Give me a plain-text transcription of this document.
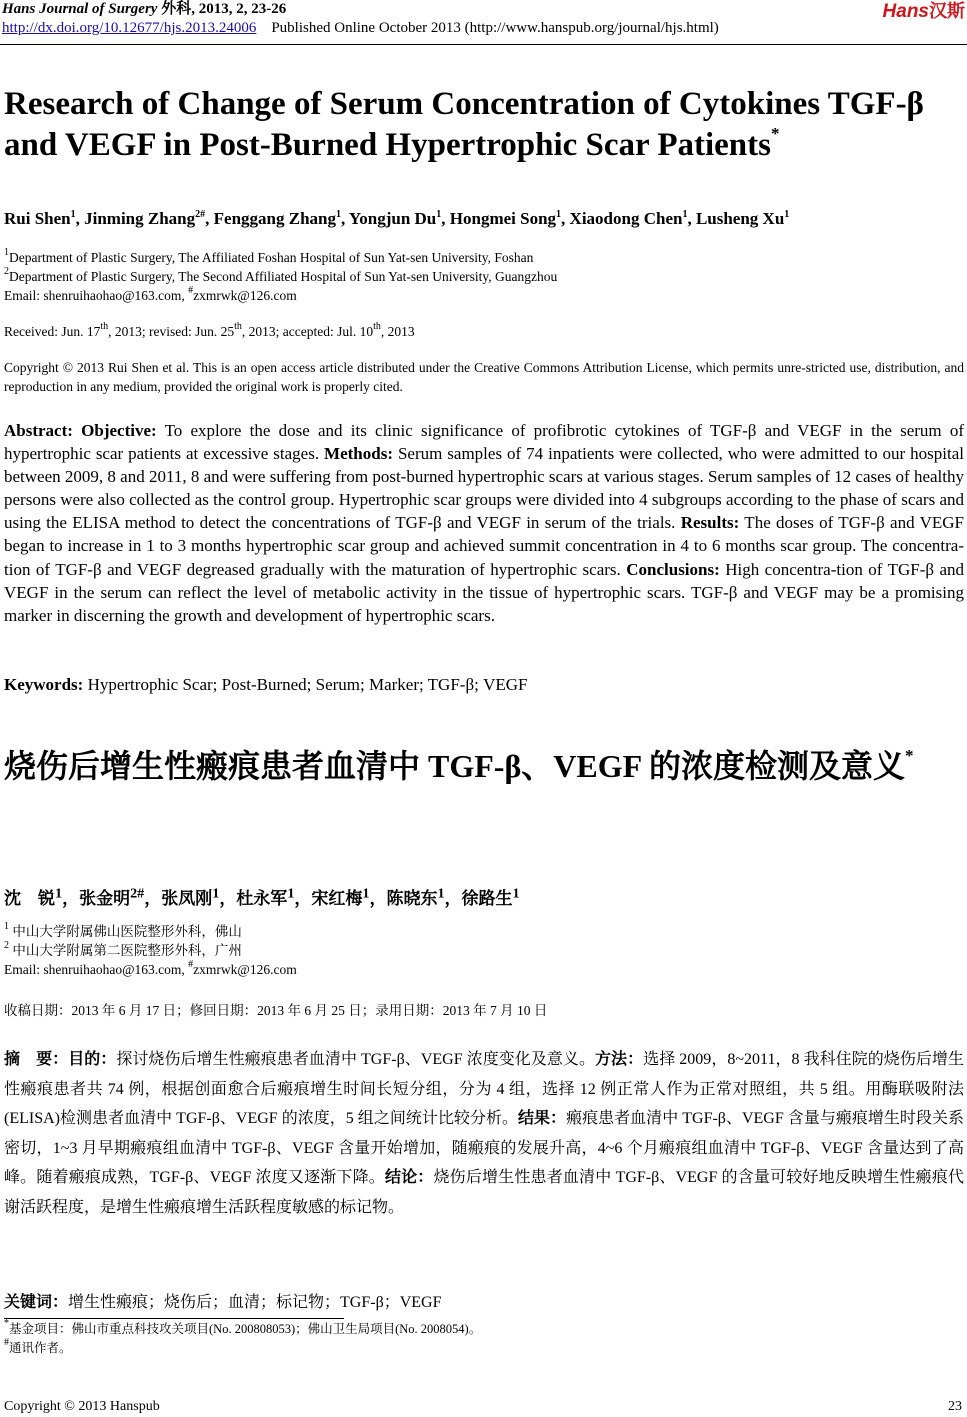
Hans Journal of Surgery 外科, 2013, 2, 23-26
http://dx.doi.org/10.12677/hjs.2013.24006 Published Online October 2013 (http://www.hanspub.org/journal/hjs.html)
Hans汉斯
Research of Change of Serum Concentration of Cytokines TGF-β and VEGF in Post-Burned Hypertrophic Scar Patients*
Rui Shen$^1$, Jinming Zhang$^{2\#}$, Fenggang Zhang$^1$, Yongjun Du$^1$, Hongmei Song$^1$, Xiaodong Chen$^1$, Lusheng Xu$^1$
$^1$Department of Plastic Surgery, The Affiliated Foshan Hospital of Sun Yat-sen University, Foshan
$^2$Department of Plastic Surgery, The Second Affiliated Hospital of Sun Yat-sen University, Guangzhou
Email: shenruihaohao@163.com, #zxmrwk@126.com
Received: Jun. 17th, 2013; revised: Jun. 25th, 2013; accepted: Jul. 10th, 2013
Copyright © 2013 Rui Shen et al. This is an open access article distributed under the Creative Commons Attribution License, which permits unre-stricted use, distribution, and reproduction in any medium, provided the original work is properly cited.
Abstract: Objective: To explore the dose and its clinic significance of profibrotic cytokines of TGF-β and VEGF in the serum of hypertrophic scar patients at excessive stages. Methods: Serum samples of 74 inpatients were collected, who were admitted to our hospital between 2009, 8 and 2011, 8 and were suffering from post-burned hypertrophic scars at various stages. Serum samples of 12 cases of healthy persons were also collected as the control group. Hypertrophic scar groups were divided into 4 subgroups according to the phase of scars and using the ELISA method to detect the concentrations of TGF-β and VEGF in serum of the trials. Results: The doses of TGF-β and VEGF began to increase in 1 to 3 months hypertrophic scar group and achieved summit concentration in 4 to 6 months scar group. The concentra-tion of TGF-β and VEGF degreased gradually with the maturation of hypertrophic scars. Conclusions: High concentra-tion of TGF-β and VEGF in the serum can reflect the level of metabolic activity in the tissue of hypertrophic scars. TGF-β and VEGF may be a promising marker in discerning the growth and development of hypertrophic scars.
Keywords: Hypertrophic Scar; Post-Burned; Serum; Marker; TGF-β; VEGF
烧伤后增生性瘢痕患者血清中 TGF-β、VEGF 的浓度检测及意义*
沈　锐$^1$，张金明$^{2\#}$，张凤刚$^1$，杜永军$^1$，宋红梅$^1$，陈晓东$^1$，徐路生$^1$
$^1$ 中山大学附属佛山医院整形外科，佛山
$^2$ 中山大学附属第二医院整形外科，广州
Email: shenruihaohao@163.com, #zxmrwk@126.com
收稿日期：2013 年 6 月 17 日；修回日期：2013 年 6 月 25 日；录用日期：2013 年 7 月 10 日
摘　要：目的：探讨烧伤后增生性瘢痕患者血清中 TGF-β、VEGF 浓度变化及意义。方法：选择 2009，8~2011，8 我科住院的烧伤后增生性瘢痕患者共 74 例，根据创面愈合后瘢痕增生时间长短分组，分为 4 组，选择 12 例正常人作为正常对照组，共 5 组。用酶联吸附法(ELISA)检测患者血清中 TGF-β、VEGF 的浓度，5 组之间统计比较分析。结果：瘢痕患者血清中 TGF-β、VEGF 含量与瘢痕增生时段关系密切，1~3 月早期瘢痕组血清中 TGF-β、VEGF 含量开始增加，随瘢痕的发展升高，4~6 个月瘢痕组血清中 TGF-β、VEGF 含量达到了高峰。随着瘢痕成熟，TGF-β、VEGF 浓度又逐渐下降。结论：烧伤后增生性患者血清中 TGF-β、VEGF 的含量可较好地反映增生性瘢痕代谢活跃程度，是增生性瘢痕增生活跃程度敏感的标记物。
关键词：增生性瘢痕；烧伤后；血清；标记物；TGF-β；VEGF
*基金项目：佛山市重点科技攻关项目(No. 200808053)；佛山卫生局项目(No. 2008054)。
#通讯作者。
Copyright © 2013 Hanspub	23
